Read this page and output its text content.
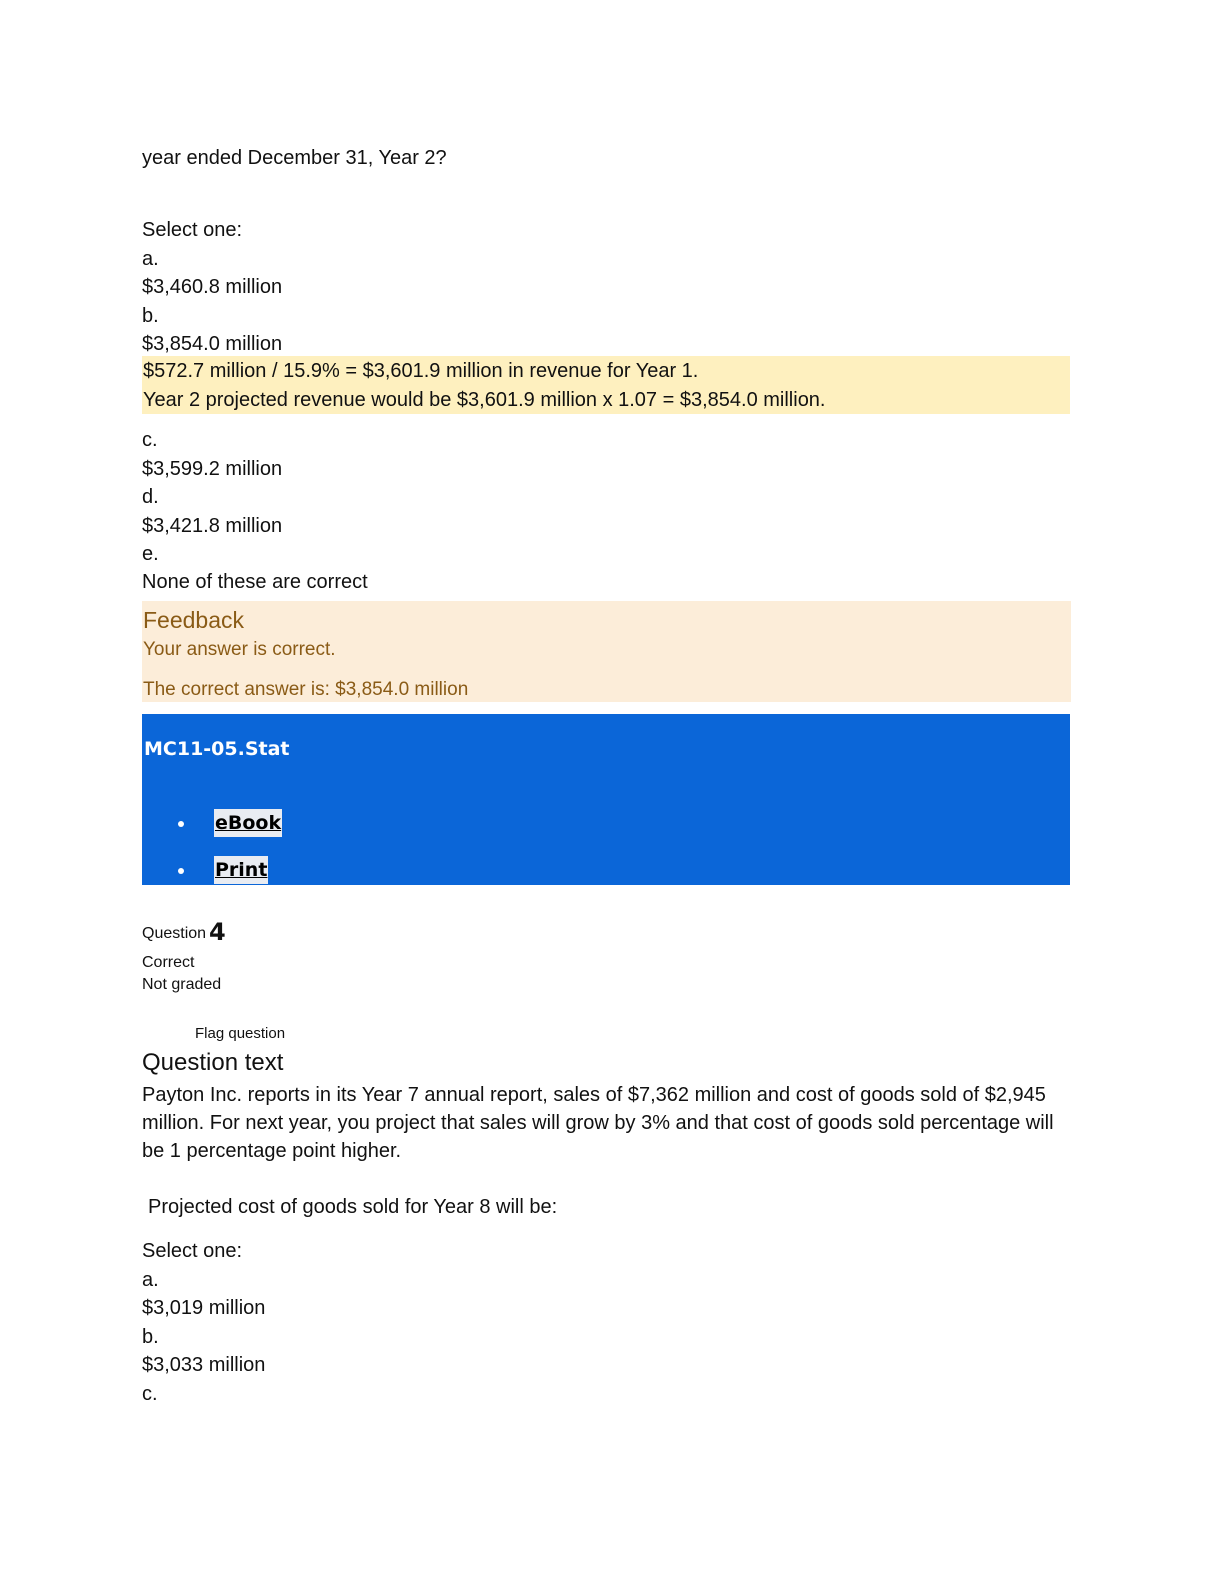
year ended December 31, Year 2?
Select one:
a.
$3,460.8 million
b.
$3,854.0 million
$572.7 million / 15.9% = $3,601.9 million in revenue for Year 1.
Year 2 projected revenue would be $3,601.9 million x 1.07 = $3,854.0 million.
c.
$3,599.2 million
d.
$3,421.8 million
e.
None of these are correct
Feedback
Your answer is correct.
The correct answer is: $3,854.0 million
MC11-05.Stat
eBook
Print
Question 4
Correct
Not graded
Flag question
Question text
Payton Inc. reports in its Year 7 annual report, sales of $7,362 million and cost of goods sold of $2,945 million. For next year, you project that sales will grow by 3% and that cost of goods sold percentage will be 1 percentage point higher.
Projected cost of goods sold for Year 8 will be:
Select one:
a.
$3,019 million
b.
$3,033 million
c.
